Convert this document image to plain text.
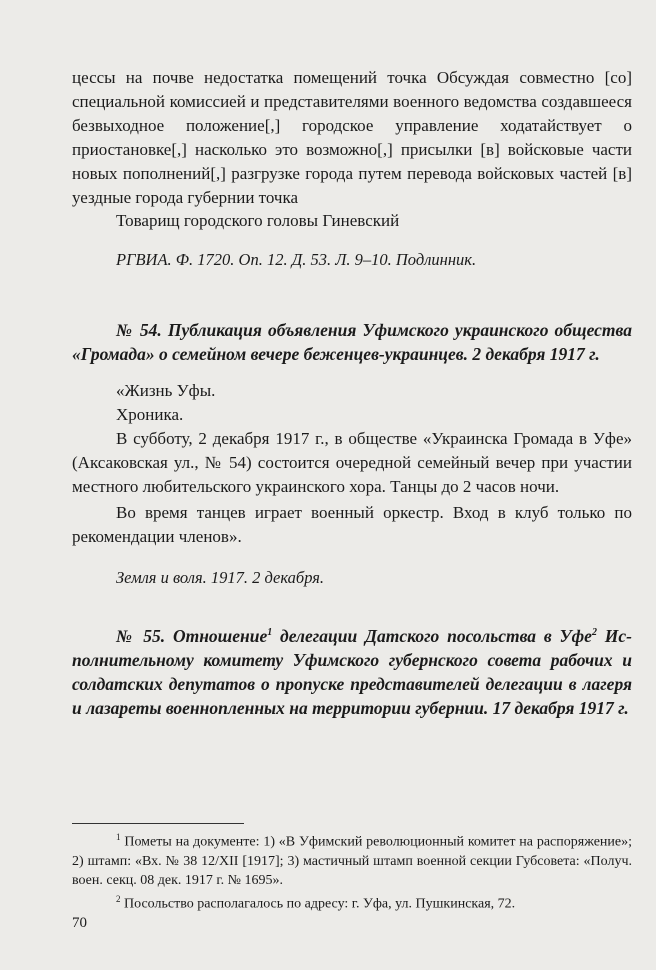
цессы на почве недостатка помещений точка Обсуждая совместно [со] специальной комиссией и представителями военного ведомства создавшееся безвыходное положение[,] городское управление ходатайствует о приостановке[,] насколько это возможно[,] присылки [в] войсковые части новых пополнений[,] разгрузке города путем перевода войсковых частей [в] уездные города губернии точка

Товарищ городского головы Гиневский

РГВИА. Ф. 1720. Оп. 12. Д. 53. Л. 9–10. Подлинник.

№ 54. Публикация объявления Уфимского украинского общества «Громада» о семейном вечере беженцев-украинцев. 2 декабря 1917 г.

«Жизнь Уфы.

Хроника.

В субботу, 2 декабря 1917 г., в обществе «Украинска Громада в Уфе» (Аксаковская ул., № 54) состоится очередной семейный вечер при участии местного любительского украинского хора. Танцы до 2 часов ночи.

Во время танцев играет военный оркестр. Вход в клуб только по рекомендации членов».

Земля и воля. 1917. 2 декабря.

№ 55. Отношение$^1$ делегации Датского посольства в Уфе$^2$ Исполнительному комитету Уфимского губернского совета рабочих и солдатских депутатов о пропуске представителей делегации в лагеря и лазареты военнопленных на территории губернии. 17 декабря 1917 г.

$^1$ Пометы на документе: 1) «В Уфимский революционный комитет на распоряжение»; 2) штамп: «Вх. № 38 12/XII [1917]; 3) мастичный штамп военной секции Губсовета: «Получ. воен. секц. 08 дек. 1917 г. № 1695».

$^2$ Посольство располагалось по адресу: г. Уфа, ул. Пушкинская, 72.

70
